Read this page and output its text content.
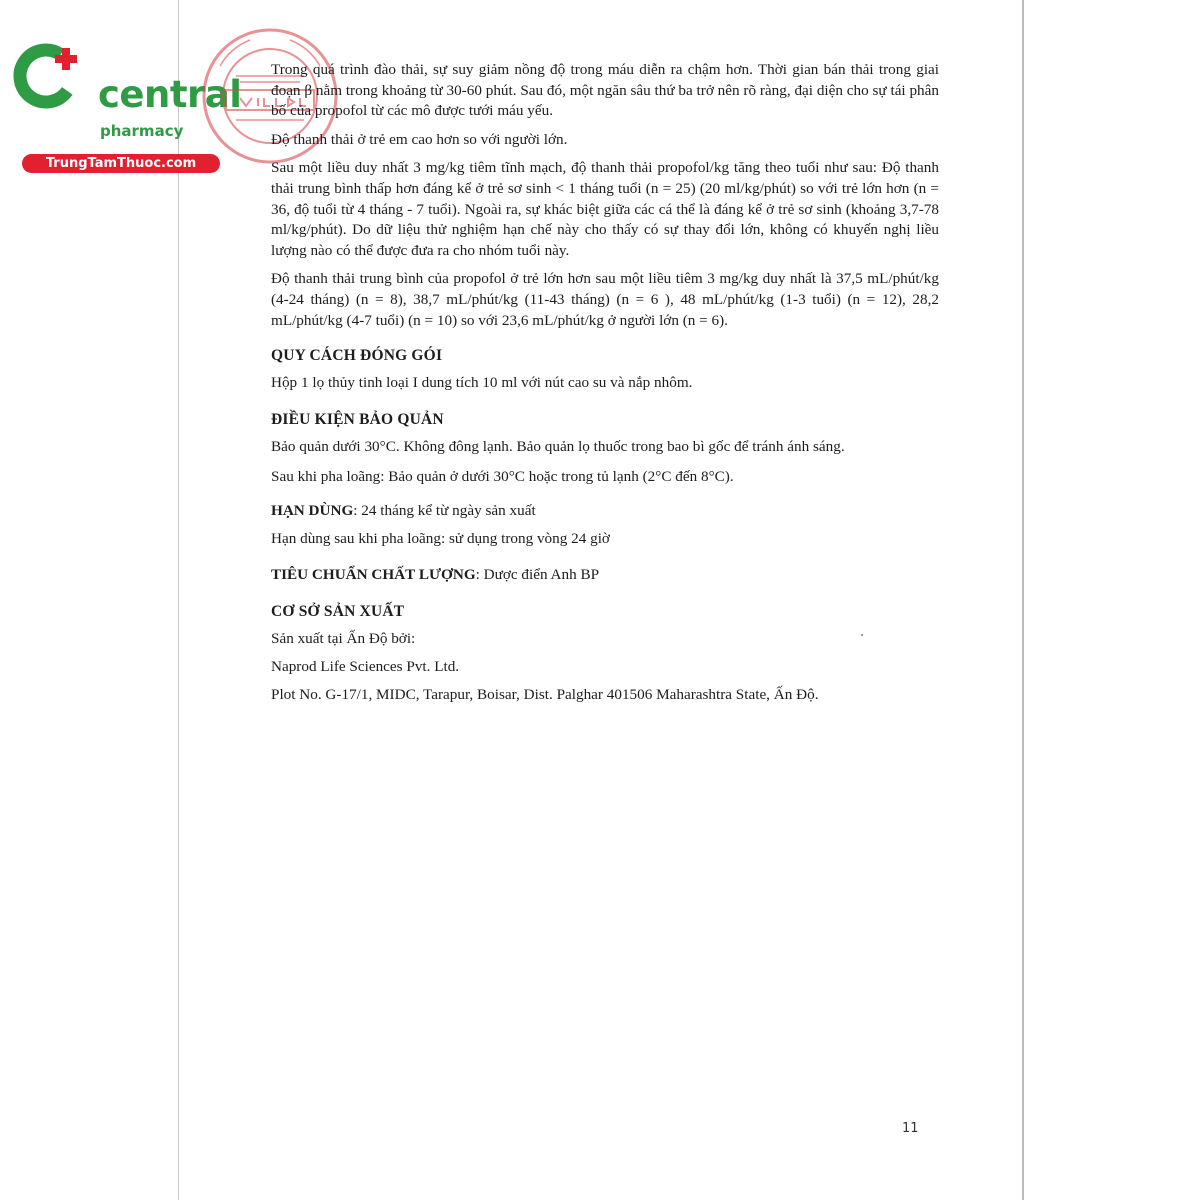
central
pharmacy
TrungTamThuoc.com

Trong quá trình đào thải, sự suy giảm nồng độ trong máu diễn ra chậm hơn. Thời gian bán thải trong giai đoạn β nằm trong khoảng từ 30-60 phút. Sau đó, một ngăn sâu thứ ba trở nên rõ ràng, đại diện cho sự tái phân bố của propofol từ các mô được tưới máu yếu.

Độ thanh thải ở trẻ em cao hơn so với người lớn.

Sau một liều duy nhất 3 mg/kg tiêm tĩnh mạch, độ thanh thải propofol/kg tăng theo tuổi như sau: Độ thanh thải trung bình thấp hơn đáng kể ở trẻ sơ sinh < 1 tháng tuổi (n = 25) (20 ml/kg/phút) so với trẻ lớn hơn (n = 36, độ tuổi từ 4 tháng - 7 tuổi). Ngoài ra, sự khác biệt giữa các cá thể là đáng kể ở trẻ sơ sinh (khoảng 3,7-78 ml/kg/phút). Do dữ liệu thử nghiệm hạn chế này cho thấy có sự thay đổi lớn, không có khuyến nghị liều lượng nào có thể được đưa ra cho nhóm tuổi này.

Độ thanh thải trung bình của propofol ở trẻ lớn hơn sau một liều tiêm 3 mg/kg duy nhất là 37,5 mL/phút/kg (4-24 tháng) (n = 8), 38,7 mL/phút/kg (11-43 tháng) (n = 6 ), 48 mL/phút/kg (1-3 tuổi) (n = 12), 28,2 mL/phút/kg (4-7 tuổi) (n = 10) so với 23,6 mL/phút/kg ở người lớn (n = 6).

QUY CÁCH ĐÓNG GÓI

Hộp 1 lọ thủy tinh loại I dung tích 10 ml với nút cao su và nắp nhôm.

ĐIỀU KIỆN BẢO QUẢN

Bảo quản dưới 30°C. Không đông lạnh. Bảo quản lọ thuốc trong bao bì gốc để tránh ánh sáng.

Sau khi pha loãng: Bảo quản ở dưới 30°C hoặc trong tủ lạnh (2°C đến 8°C).

HẠN DÙNG: 24 tháng kể từ ngày sản xuất

Hạn dùng sau khi pha loãng: sử dụng trong vòng 24 giờ

TIÊU CHUẨN CHẤT LƯỢNG: Dược điển Anh BP

CƠ SỞ SẢN XUẤT

Sản xuất tại Ấn Độ bởi:

Naprod Life Sciences Pvt. Ltd.

Plot No. G-17/1, MIDC, Tarapur, Boisar, Dist. Palghar 401506 Maharashtra State, Ấn Độ.

11
